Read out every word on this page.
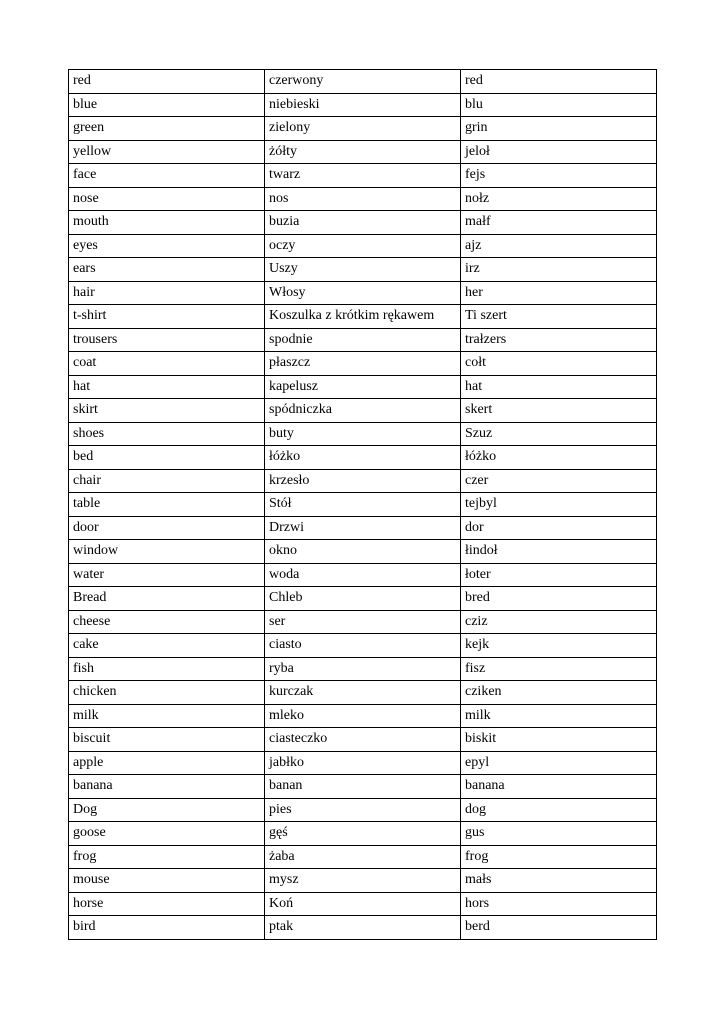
red	czerwony	red
blue	niebieski	blu
green	zielony	grin
yellow	żółty	jelοł
face	twarz	fejs
nose	nos	nołz
mouth	buzia	małf
eyes	oczy	ajz
ears	Uszy	irz
hair	Włosy	her
t-shirt	Koszulka z krótkim rękawem	Ti szert
trousers	spodnie	trałzers
coat	płaszcz	cołt
hat	kapelusz	hat
skirt	spódniczka	skert
shoes	buty	Szuz
bed	łóżko	łóżko
chair	krzesło	czer
table	Stół	tejbyl
door	Drzwi	dor
window	okno	łindoł
water	woda	łoter
Bread	Chleb	bred
cheese	ser	cziz
cake	ciasto	kejk
fish	ryba	fisz
chicken	kurczak	cziken
milk	mleko	milk
biscuit	ciasteczko	biskit
apple	jabłko	epyl
banana	banan	banana
Dog	pies	dog
goose	gęś	gus
frog	żaba	frog
mouse	mysz	małs
horse	Koń	hors
bird	ptak	berd
